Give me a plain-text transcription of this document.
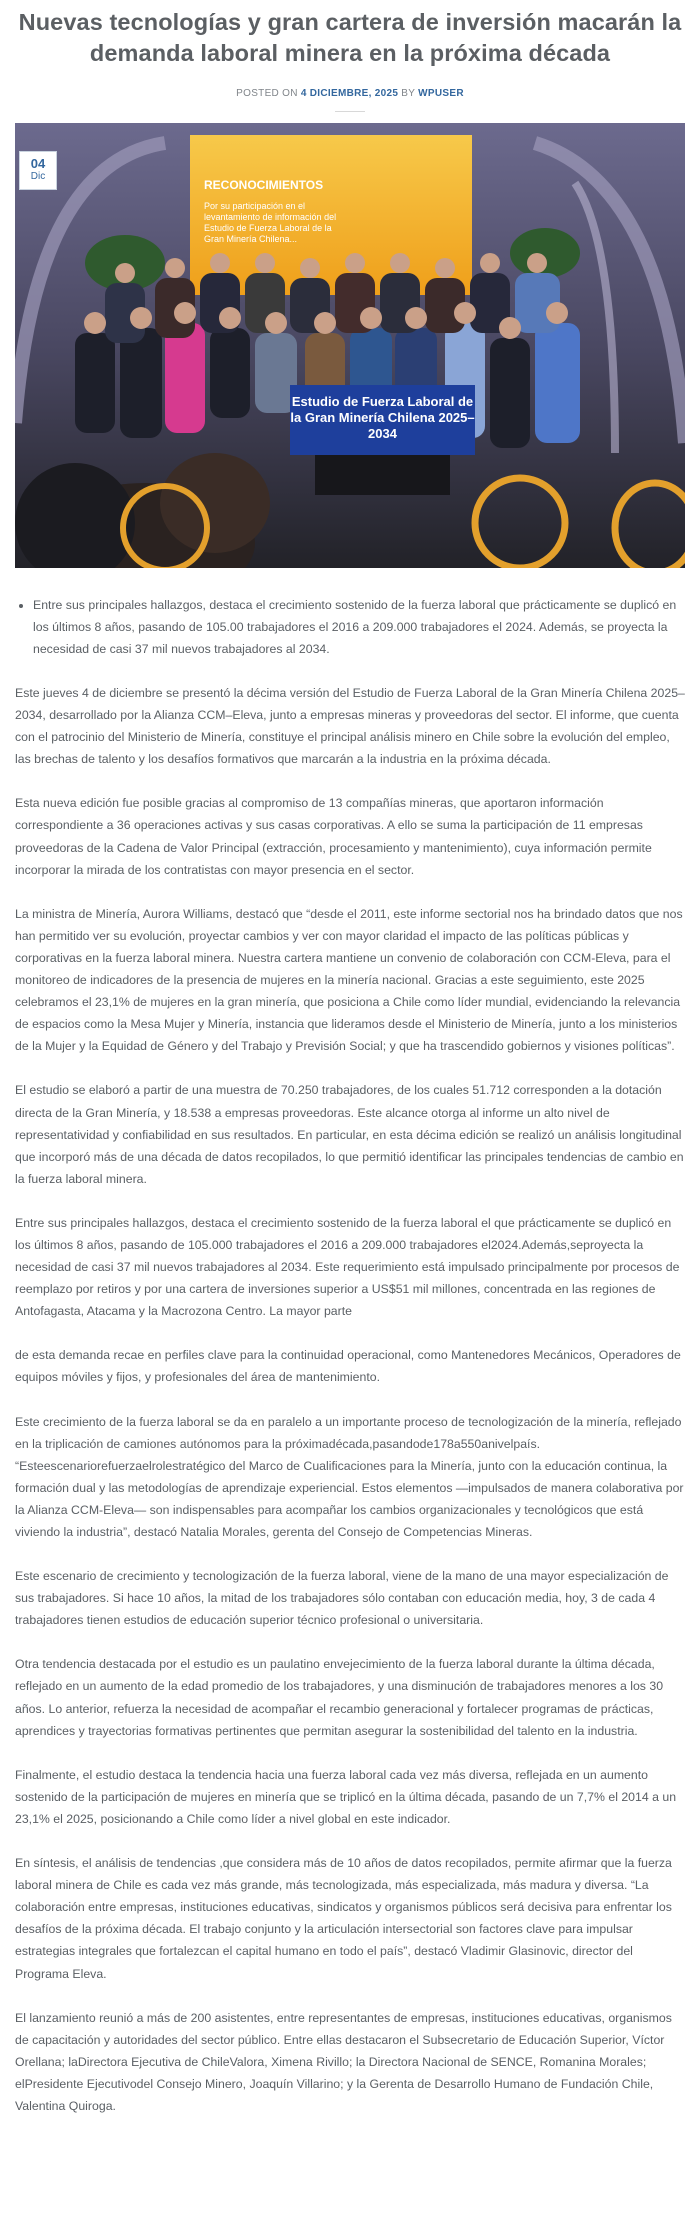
Nuevas tecnologías y gran cartera de inversión macarán la demanda laboral minera en la próxima década
POSTED ON 4 DICIEMBRE, 2025 BY WPUSER
04
Dic
RECONOCIMIENTOS
Por su participación en el levantamiento de información del Estudio de Fuerza Laboral de la Gran Minería Chilena...
Estudio de Fuerza Laboral de la Gran Minería Chilena 2025–2034
• Entre sus principales hallazgos, destaca el crecimiento sostenido de la fuerza laboral que prácticamente se duplicó en los últimos 8 años, pasando de 105.00 trabajadores el 2016 a 209.000 trabajadores el 2024. Además, se proyecta la necesidad de casi 37 mil nuevos trabajadores al 2034.

Este jueves 4 de diciembre se presentó la décima versión del Estudio de Fuerza Laboral de la Gran Minería Chilena 2025–2034, desarrollado por la Alianza CCM–Eleva, junto a empresas mineras y proveedoras del sector. El informe, que cuenta con el patrocinio del Ministerio de Minería, constituye el principal análisis minero en Chile sobre la evolución del empleo, las brechas de talento y los desafíos formativos que marcarán a la industria en la próxima década.

Esta nueva edición fue posible gracias al compromiso de 13 compañías mineras, que aportaron información correspondiente a 36 operaciones activas y sus casas corporativas. A ello se suma la participación de 11 empresas proveedoras de la Cadena de Valor Principal (extracción, procesamiento y mantenimiento), cuya información permite incorporar la mirada de los contratistas con mayor presencia en el sector.

La ministra de Minería, Aurora Williams, destacó que “desde el 2011, este informe sectorial nos ha brindado datos que nos han permitido ver su evolución, proyectar cambios y ver con mayor claridad el impacto de las políticas públicas y corporativas en la fuerza laboral minera. Nuestra cartera mantiene un convenio de colaboración con CCM-Eleva, para el monitoreo de indicadores de la presencia de mujeres en la minería nacional. Gracias a este seguimiento, este 2025 celebramos el 23,1% de mujeres en la gran minería, que posiciona a Chile como líder mundial, evidenciando la relevancia de espacios como la Mesa Mujer y Minería, instancia que lideramos desde el Ministerio de Minería, junto a los ministerios de la Mujer y la Equidad de Género y del Trabajo y Previsión Social; y que ha trascendido gobiernos y visiones políticas”.

El estudio se elaboró a partir de una muestra de 70.250 trabajadores, de los cuales 51.712 corresponden a la dotación directa de la Gran Minería, y 18.538 a empresas proveedoras. Este alcance otorga al informe un alto nivel de representatividad y confiabilidad en sus resultados. En particular, en esta décima edición se realizó un análisis longitudinal que incorporó más de una década de datos recopilados, lo que permitió identificar las principales tendencias de cambio en la fuerza laboral minera.

Entre sus principales hallazgos, destaca el crecimiento sostenido de la fuerza laboral el que prácticamente se duplicó en los últimos 8 años, pasando de 105.000 trabajadores el 2016 a 209.000 trabajadores el2024.Además,seproyecta la necesidad de casi 37 mil nuevos trabajadores al 2034. Este requerimiento está impulsado principalmente por procesos de reemplazo por retiros y por una cartera de inversiones superior a US$51 mil millones, concentrada en las regiones de Antofagasta, Atacama y la Macrozona Centro. La mayor parte

de esta demanda recae en perfiles clave para la continuidad operacional, como Mantenedores Mecánicos, Operadores de equipos móviles y fijos, y profesionales del área de mantenimiento.

Este crecimiento de la fuerza laboral se da en paralelo a un importante proceso de tecnologización de la minería, reflejado en la triplicación de camiones autónomos para la próximadécada,pasandode178a550anivelpaís. “Esteescenariorefuerzaelrolestratégico del Marco de Cualificaciones para la Minería, junto con la educación continua, la formación dual y las metodologías de aprendizaje experiencial. Estos elementos —impulsados de manera colaborativa por la Alianza CCM-Eleva— son indispensables para acompañar los cambios organizacionales y tecnológicos que está viviendo la industria”, destacó Natalia Morales, gerenta del Consejo de Competencias Mineras.

Este escenario de crecimiento y tecnologización de la fuerza laboral, viene de la mano de una mayor especialización de sus trabajadores. Si hace 10 años, la mitad de los trabajadores sólo contaban con educación media, hoy, 3 de cada 4 trabajadores tienen estudios de educación superior técnico profesional o universitaria.

Otra tendencia destacada por el estudio es un paulatino envejecimiento de la fuerza laboral durante la última década, reflejado en un aumento de la edad promedio de los trabajadores, y una disminución de trabajadores menores a los 30 años. Lo anterior, refuerza la necesidad de acompañar el recambio generacional y fortalecer programas de prácticas, aprendices y trayectorias formativas pertinentes que permitan asegurar la sostenibilidad del talento en la industria.

Finalmente, el estudio destaca la tendencia hacia una fuerza laboral cada vez más diversa, reflejada en un aumento sostenido de la participación de mujeres en minería que se triplicó en la última década, pasando de un 7,7% el 2014 a un 23,1% el 2025, posicionando a Chile como líder a nivel global en este indicador.

En síntesis, el análisis de tendencias ,que considera más de 10 años de datos recopilados, permite afirmar que la fuerza laboral minera de Chile es cada vez más grande, más tecnologizada, más especializada, más madura y diversa. “La colaboración entre empresas, instituciones educativas, sindicatos y organismos públicos será decisiva para enfrentar los desafíos de la próxima década. El trabajo conjunto y la articulación intersectorial son factores clave para impulsar estrategias integrales que fortalezcan el capital humano en todo el país”, destacó Vladimir Glasinovic, director del Programa Eleva.

El lanzamiento reunió a más de 200 asistentes, entre representantes de empresas, instituciones educativas, organismos de capacitación y autoridades del sector público. Entre ellas destacaron el Subsecretario de Educación Superior, Víctor Orellana; laDirectora Ejecutiva de ChileValora, Ximena Rivillo; la Directora Nacional de SENCE, Romanina Morales; elPresidente Ejecutivodel Consejo Minero, Joaquín Villarino; y la Gerenta de Desarrollo Humano de Fundación Chile, Valentina Quiroga.
